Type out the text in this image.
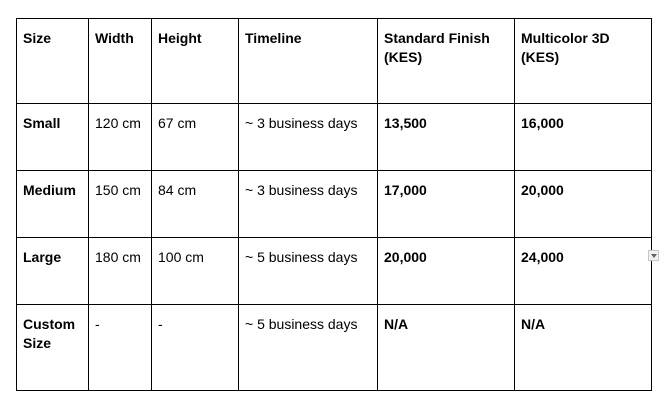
Size	Width	Height	Timeline	Standard Finish (KES)	Multicolor 3D (KES)
Small	120 cm	67 cm	~ 3 business days	13,500	16,000
Medium	150 cm	84 cm	~ 3 business days	17,000	20,000
Large	180 cm	100 cm	~ 5 business days	20,000	24,000

Custom Size	-	-	~ 5 business days	N/A	N/A
